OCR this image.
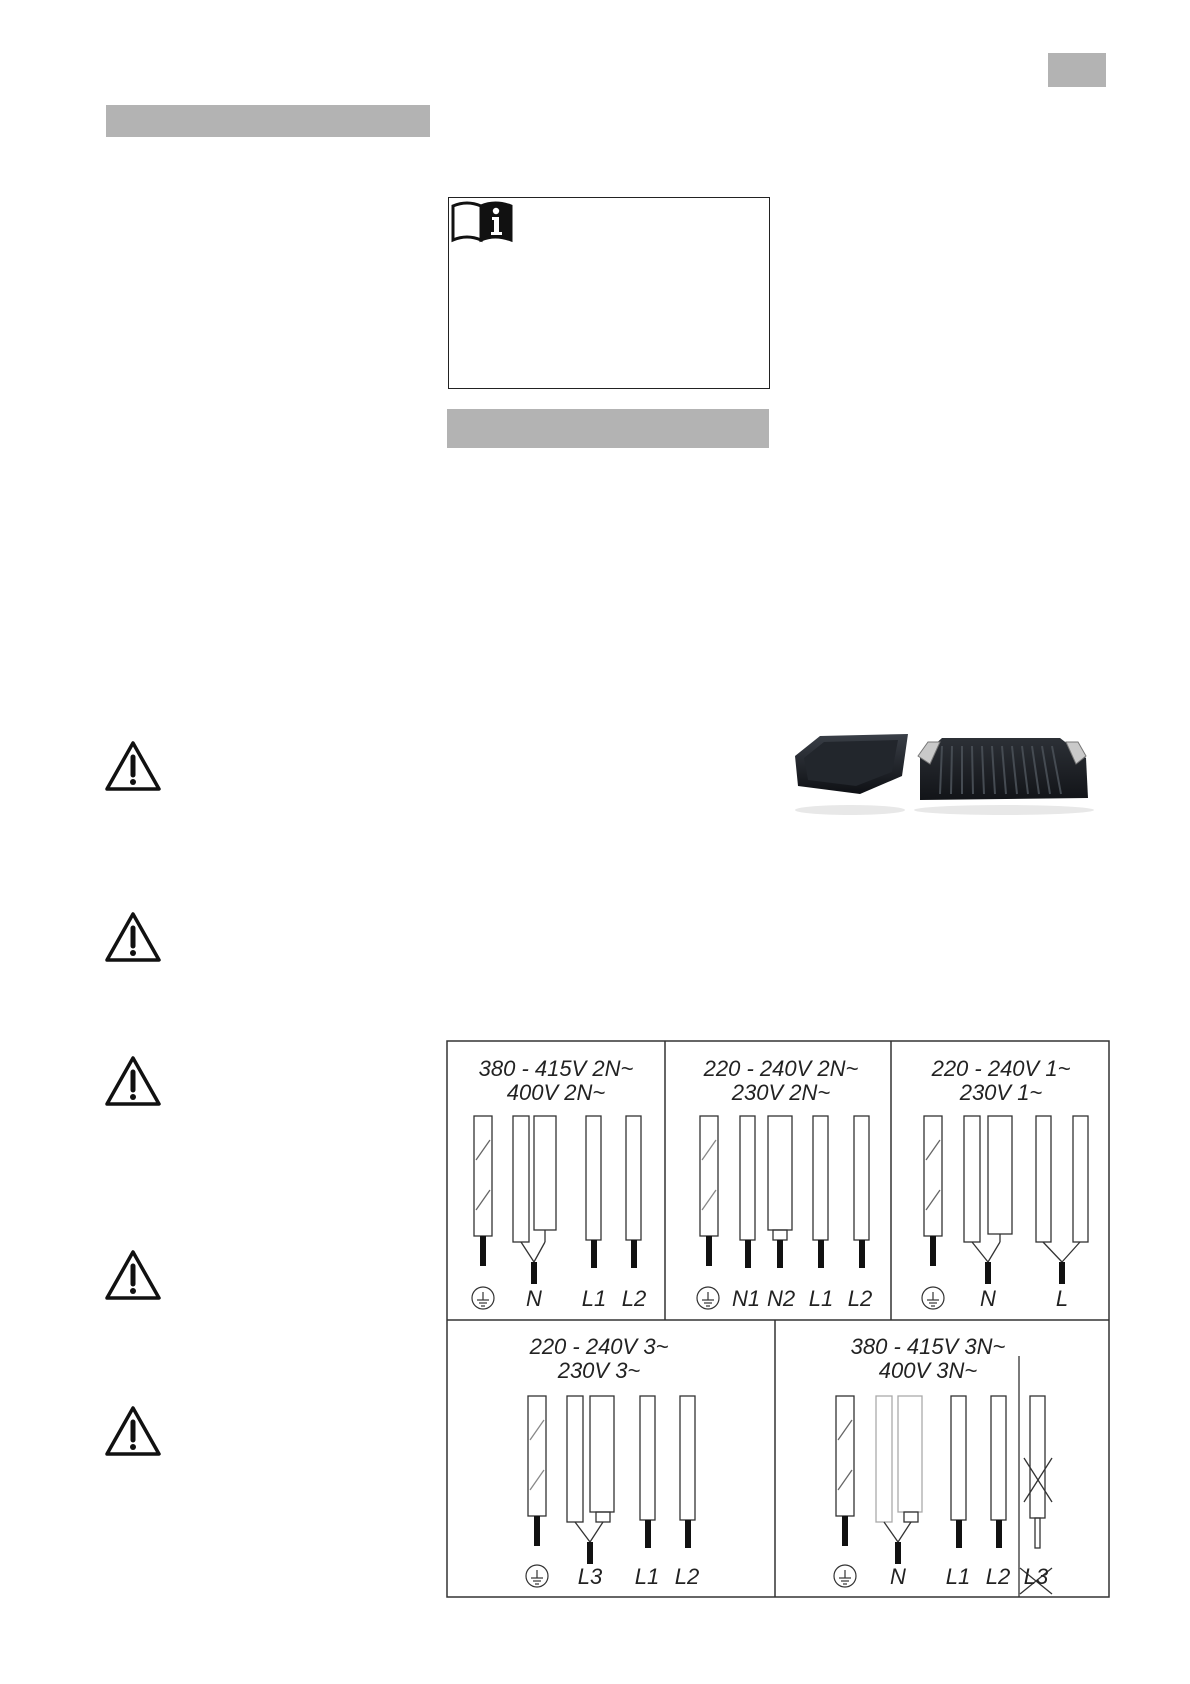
380 - 415V 2N~
400V 2N~
N L1 L2
220 - 240V 2N~
230V 2N~
N1 N2 L1 L2
220 - 240V 1~
230V 1~
N	L
220 - 240V 3~
230V 3~
L3 L1 L2
380 - 415V 3N~
400V 3N~
N L1 L2 L3
